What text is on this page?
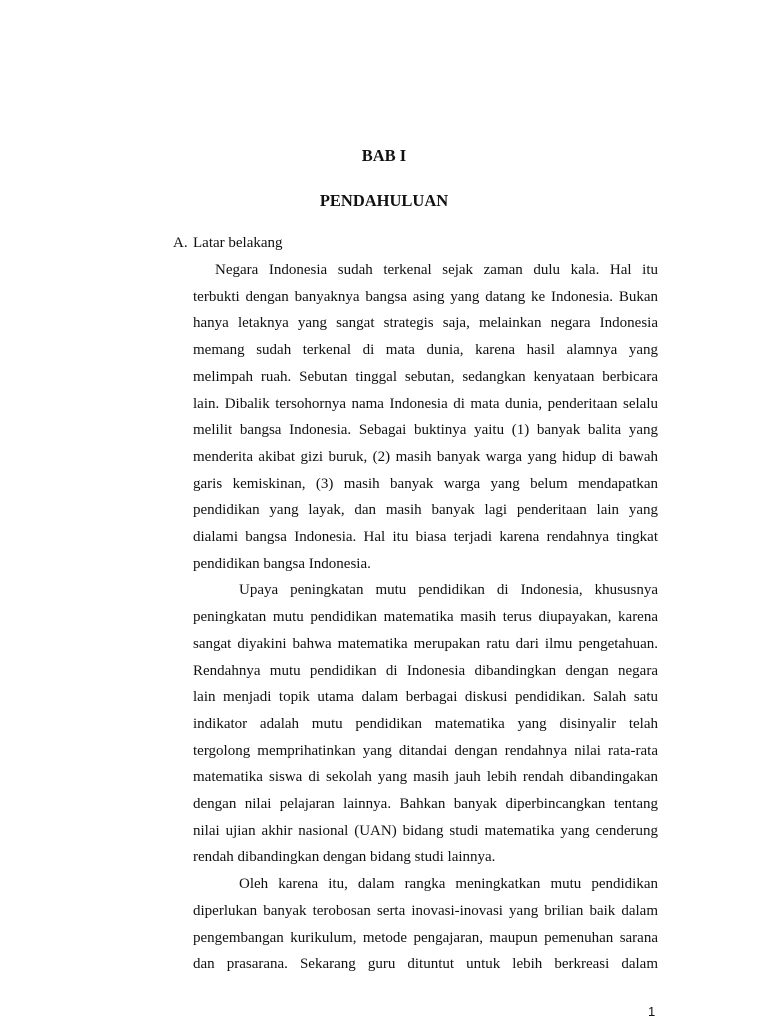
BAB I
PENDAHULUAN
A. Latar belakang
Negara Indonesia sudah terkenal sejak zaman dulu kala. Hal itu
terbukti dengan banyaknya bangsa asing yang datang ke Indonesia. Bukan
hanya letaknya yang sangat strategis saja, melainkan negara Indonesia
memang sudah terkenal di mata dunia, karena hasil alamnya yang
melimpah ruah. Sebutan tinggal sebutan, sedangkan kenyataan berbicara
lain. Dibalik tersohornya nama Indonesia di mata dunia, penderitaan selalu
melilit bangsa Indonesia. Sebagai buktinya yaitu (1) banyak balita yang
menderita akibat gizi buruk, (2) masih banyak warga yang hidup di bawah
garis kemiskinan, (3) masih banyak warga yang belum mendapatkan
pendidikan yang layak, dan masih banyak lagi penderitaan lain yang
dialami bangsa Indonesia. Hal itu biasa terjadi karena rendahnya tingkat
pendidikan bangsa Indonesia.
Upaya peningkatan mutu pendidikan di Indonesia, khususnya
peningkatan mutu pendidikan matematika masih terus diupayakan, karena
sangat diyakini bahwa matematika merupakan ratu dari ilmu pengetahuan.
Rendahnya mutu pendidikan di Indonesia dibandingkan dengan negara
lain menjadi topik utama dalam berbagai diskusi pendidikan. Salah satu
indikator adalah mutu pendidikan matematika yang disinyalir telah
tergolong memprihatinkan yang ditandai dengan rendahnya nilai rata-rata
matematika siswa di sekolah yang masih jauh lebih rendah dibandingakan
dengan nilai pelajaran lainnya. Bahkan banyak diperbincangkan tentang
nilai ujian akhir nasional (UAN) bidang studi matematika yang cenderung
rendah dibandingkan dengan bidang studi lainnya.
Oleh karena itu, dalam rangka meningkatkan mutu pendidikan
diperlukan banyak terobosan serta inovasi-inovasi yang brilian baik dalam
pengembangan kurikulum, metode pengajaran, maupun pemenuhan sarana
dan prasarana. Sekarang guru dituntut untuk lebih berkreasi dalam
1
